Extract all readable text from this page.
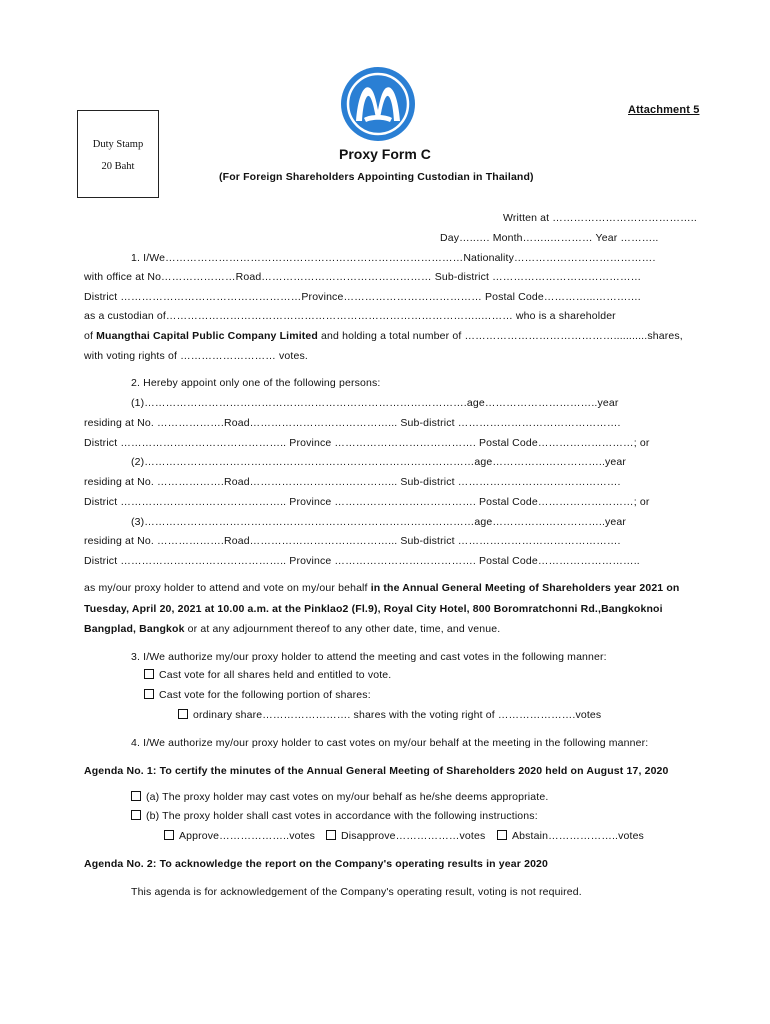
Attachment 5
Duty Stamp
20 Baht
Proxy Form C
(For Foreign Shareholders Appointing Custodian in Thailand)
Written at …………………………………..
Day…..…. Month……..………… Year ………..
1. I/We…………………………………………………………………………Nationality………………………………….
with office at No…………………Road………………………………………… Sub-district ……………………………………
District ……………………………………………Province………………………………… Postal Code…………...……….…
as a custodian of……………………………………………………………………………..……… who is a shareholder
of Muangthai Capital Public Company Limited and holding a total number of ……………………………………...........shares,
with voting rights of ……………………… votes.
2. Hereby appoint only one of the following persons:
(1)……………………………………………………………………………….age…………………………..year
residing at No. ……………….Road…………………………………... Sub-district ……………………………………….
District ……………………………………….. Province …………………………………. Postal Code………………………; or
(2)…………………………………………………………………………………age…………………………..year
residing at No. ……………….Road…………………………………... Sub-district ……………………………………….
District ……………………………………….. Province …………………………………. Postal Code………………………; or
(3)…………………………………………………………………………………age…………………………..year
residing at No. ……………….Road…………………………………... Sub-district ……………………………………….
District ……………………………………….. Province …………………………………. Postal Code………………………..
as my/our proxy holder to attend and vote on my/our behalf in the Annual General Meeting of Shareholders year 2021 on
Tuesday, April 20, 2021 at 10.00 a.m. at the Pinklao2 (Fl.9), Royal City Hotel, 800 Boromratchonni Rd.,Bangkoknoi
Bangplad, Bangkok or at any adjournment thereof to any other date, time, and venue.
3. I/We authorize my/our proxy holder to attend the meeting and cast votes in the following manner:
Cast vote for all shares held and entitled to vote.
Cast vote for the following portion of shares:
ordinary share……………………. shares with the voting right of ………………….votes
4. I/We authorize my/our proxy holder to cast votes on my/our behalf at the meeting in the following manner:
Agenda No. 1: To certify the minutes of the Annual General Meeting of Shareholders 2020 held on August 17, 2020
(a) The proxy holder may cast votes on my/our behalf as he/she deems appropriate.
(b) The proxy holder shall cast votes in accordance with the following instructions:
Approve………………..votes	Disapprove………………votes	Abstain………………..votes
Agenda No. 2: To acknowledge the report on the Company's operating results in year 2020
This agenda is for acknowledgement of the Company's operating result, voting is not required.
